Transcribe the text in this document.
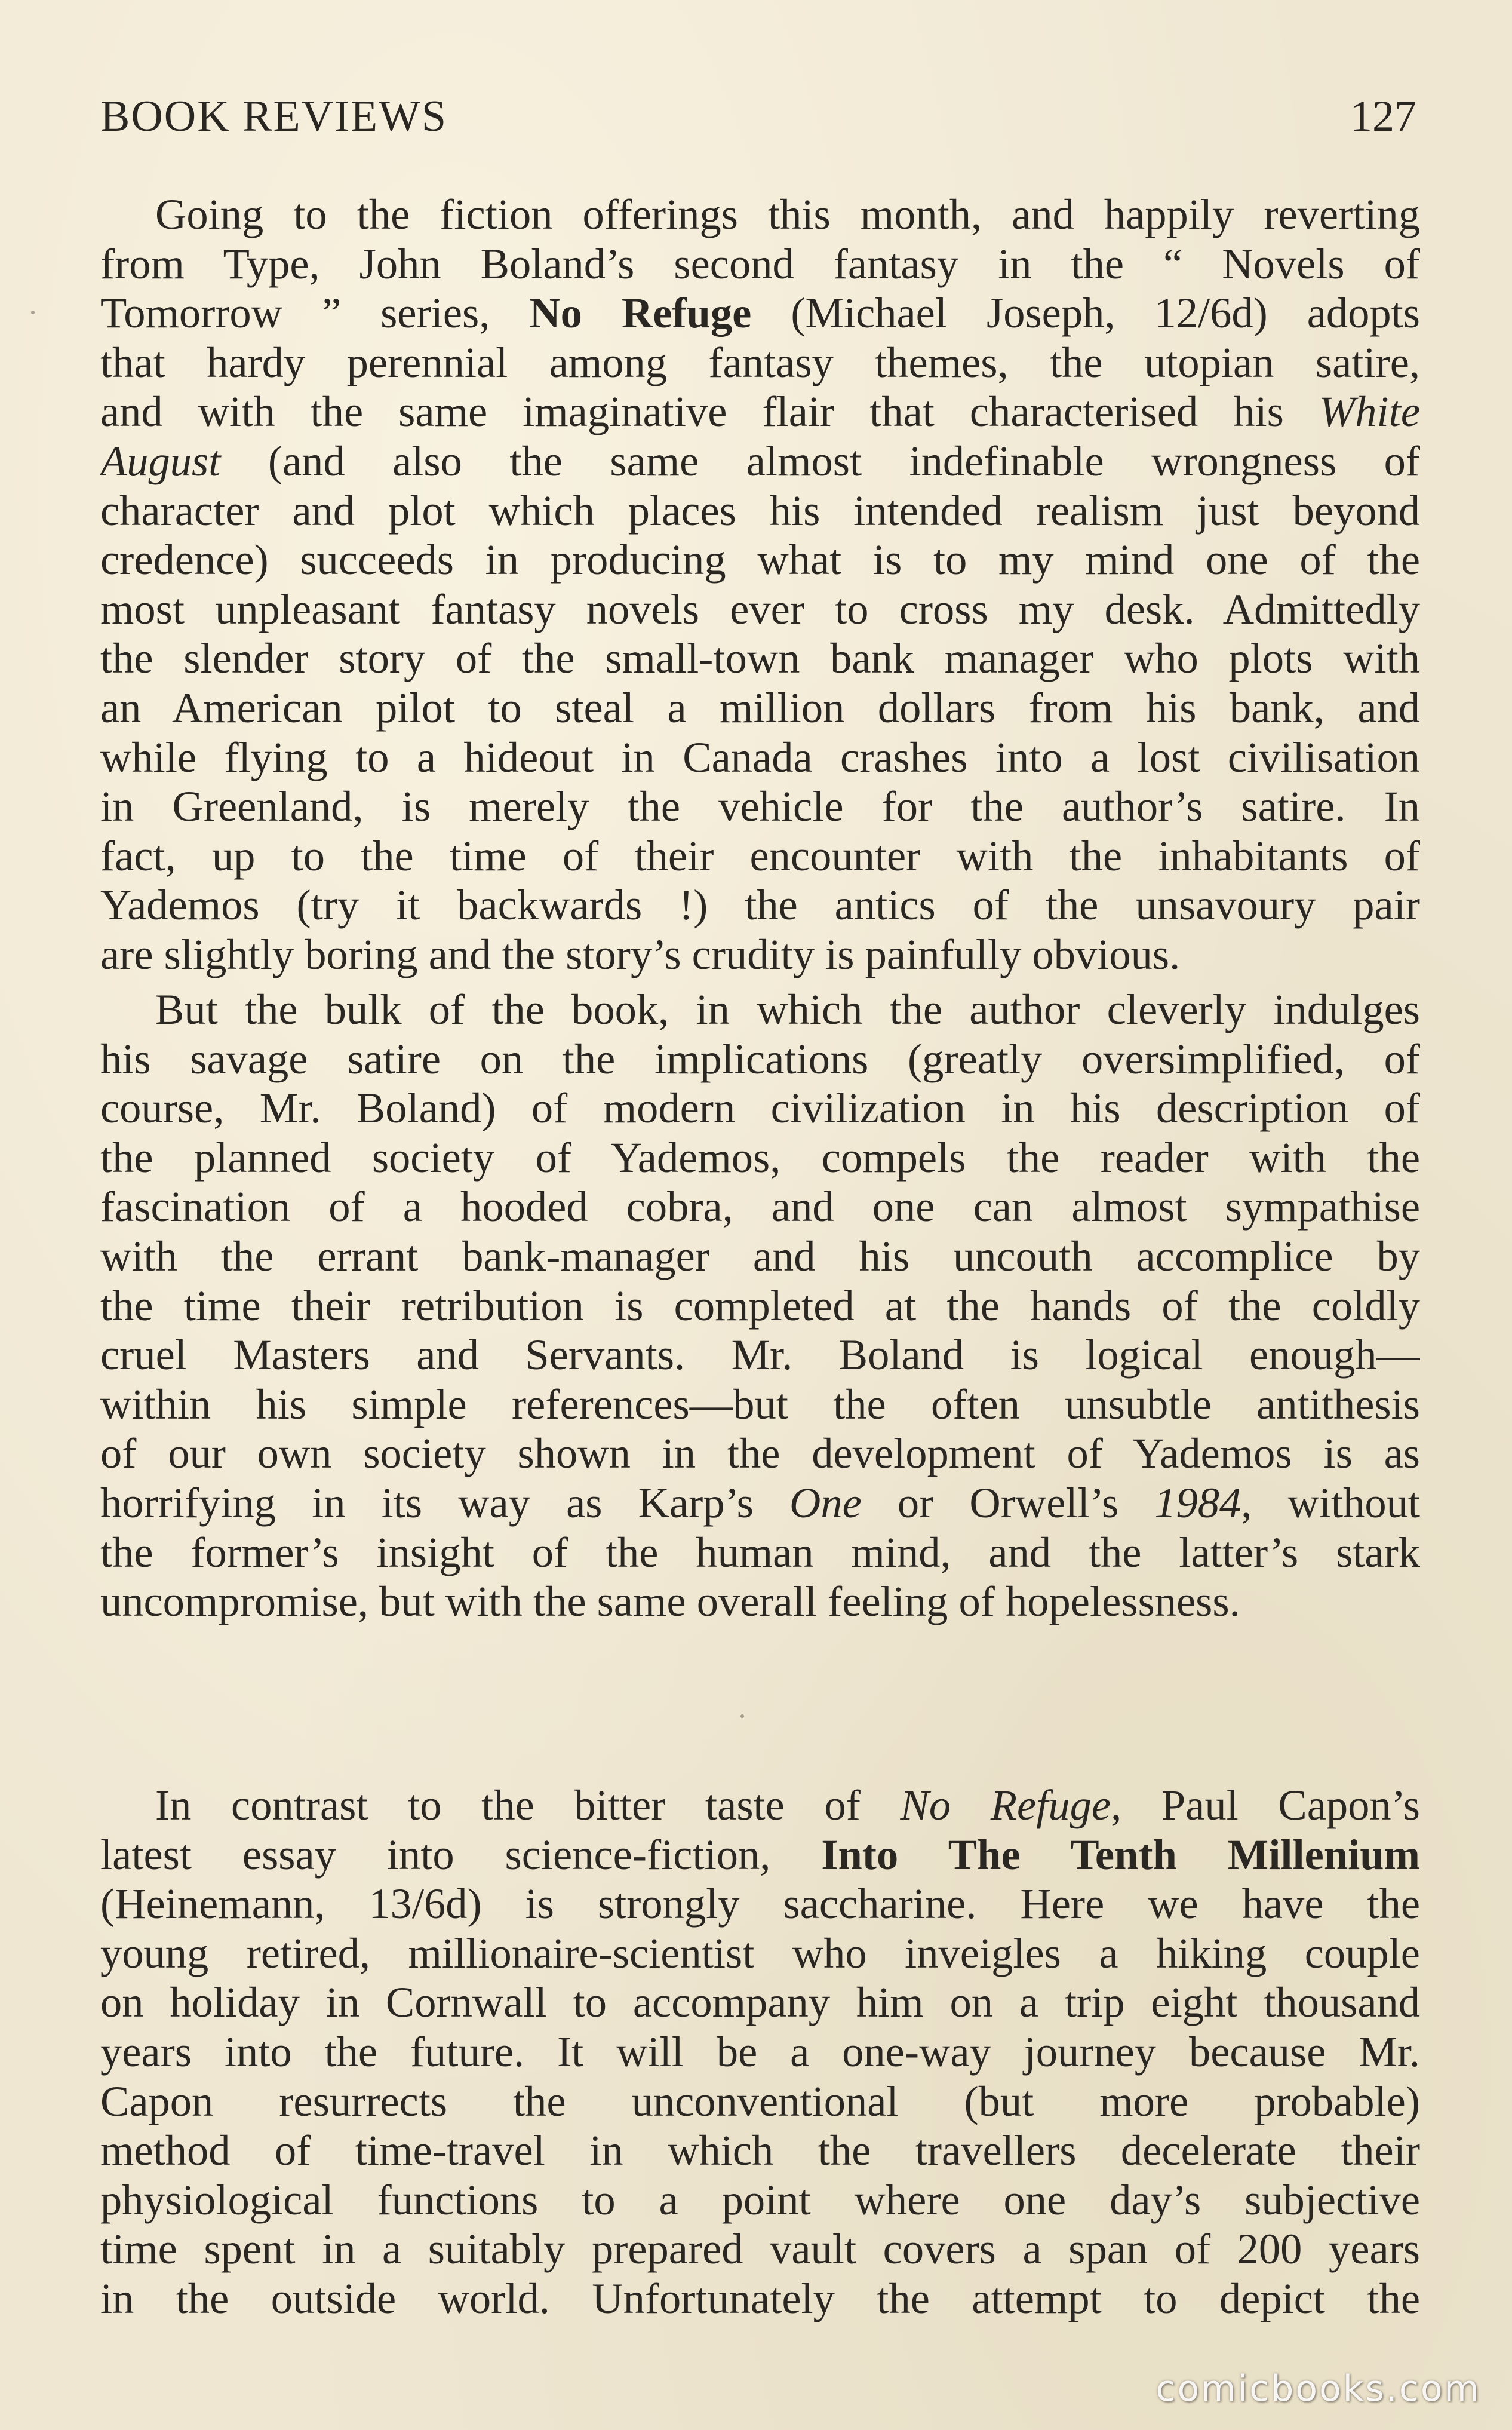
BOOK REVIEWS	127
Going to the fiction offerings this month, and happily reverting
from Type, John Boland’s second fantasy in the “ Novels of
Tomorrow ” series, No Refuge (Michael Joseph, 12/6d) adopts
that hardy perennial among fantasy themes, the utopian satire,
and with the same imaginative flair that characterised his White
August (and also the same almost indefinable wrongness of
character and plot which places his intended realism just beyond
credence) succeeds in producing what is to my mind one of the
most unpleasant fantasy novels ever to cross my desk. Admittedly
the slender story of the small-town bank manager who plots with
an American pilot to steal a million dollars from his bank, and
while flying to a hideout in Canada crashes into a lost civilisation
in Greenland, is merely the vehicle for the author’s satire. In
fact, up to the time of their encounter with the inhabitants of
Yademos (try it backwards !) the antics of the unsavoury pair
are slightly boring and the story’s crudity is painfully obvious.
But the bulk of the book, in which the author cleverly indulges
his savage satire on the implications (greatly oversimplified, of
course, Mr. Boland) of modern civilization in his description of
the planned society of Yademos, compels the reader with the
fascination of a hooded cobra, and one can almost sympathise
with the errant bank-manager and his uncouth accomplice by
the time their retribution is completed at the hands of the coldly
cruel Masters and Servants. Mr. Boland is logical enough—
within his simple references—but the often unsubtle antithesis
of our own society shown in the development of Yademos is as
horrifying in its way as Karp’s One or Orwell’s 1984, without
the former’s insight of the human mind, and the latter’s stark
uncompromise, but with the same overall feeling of hopelessness.
In contrast to the bitter taste of No Refuge, Paul Capon’s
latest essay into science-fiction, Into The Tenth Millenium
(Heinemann, 13/6d) is strongly saccharine. Here we have the
young retired, millionaire-scientist who inveigles a hiking couple
on holiday in Cornwall to accompany him on a trip eight thousand
years into the future. It will be a one-way journey because Mr.
Capon resurrects the unconventional (but more probable)
method of time-travel in which the travellers decelerate their
physiological functions to a point where one day’s subjective
time spent in a suitably prepared vault covers a span of 200 years
in the outside world. Unfortunately the attempt to depict the
comicbooks.com
